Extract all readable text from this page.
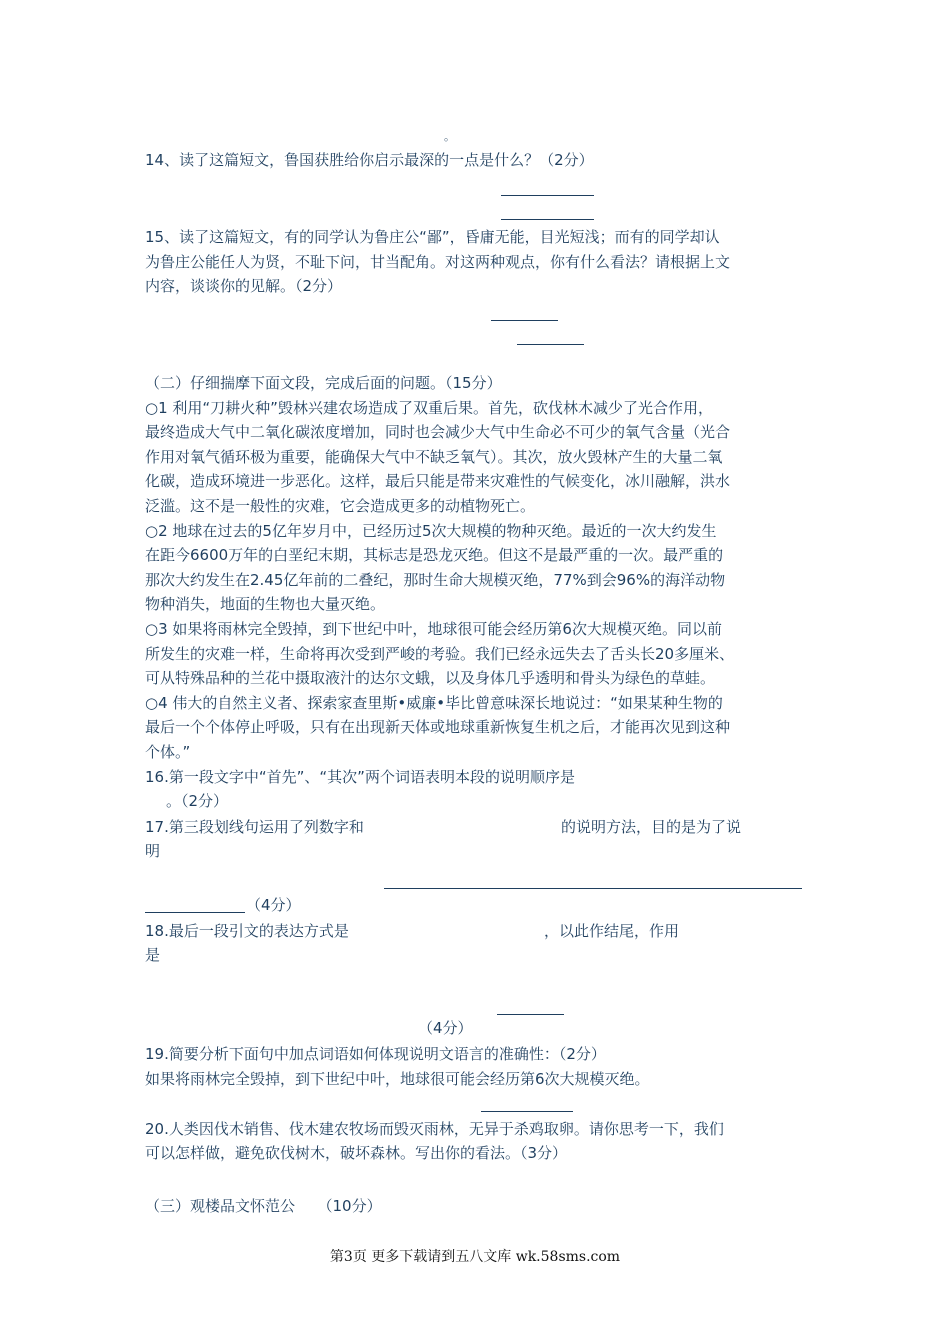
。
14、读了这篇短文，鲁国获胜给你启示最深的一点是什么？（2分）
15、读了这篇短文，有的同学认为鲁庄公“鄙”，昏庸无能，目光短浅；而有的同学却认
为鲁庄公能任人为贤，不耻下问，甘当配角。对这两种观点，你有什么看法？请根据上文
内容，谈谈你的见解。（2分）
（二）仔细揣摩下面文段，完成后面的问题。（15分）
○1 利用“刀耕火种”毁林兴建农场造成了双重后果。首先，砍伐林木减少了光合作用，
最终造成大气中二氧化碳浓度增加，同时也会减少大气中生命必不可少的氧气含量（光合
作用对氧气循环极为重要，能确保大气中不缺乏氧气）。其次，放火毁林产生的大量二氧
化碳，造成环境进一步恶化。这样，最后只能是带来灾难性的气候变化，冰川融解，洪水
泛滥。这不是一般性的灾难，它会造成更多的动植物死亡。
○2 地球在过去的5亿年岁月中，已经历过5次大规模的物种灭绝。最近的一次大约发生
在距今6600万年的白垩纪末期，其标志是恐龙灭绝。但这不是最严重的一次。最严重的
那次大约发生在2.45亿年前的二叠纪，那时生命大规模灭绝，77%到会96%的海洋动物
物种消失，地面的生物也大量灭绝。
○3 如果将雨林完全毁掉，到下世纪中叶，地球很可能会经历第6次大规模灭绝。同以前
所发生的灾难一样，生命将再次受到严峻的考验。我们已经永远失去了舌头长20多厘米、
可从特殊品种的兰花中摄取液汁的达尔文蛾，以及身体几乎透明和骨头为绿色的草蛙。
○4 伟大的自然主义者、探索家查里斯•威廉•毕比曾意味深长地说过：“如果某种生物的
最后一个个体停止呼吸，只有在出现新天体或地球重新恢复生机之后，才能再次见到这种
个体。”
16.第一段文字中“首先”、“其次”两个词语表明本段的说明顺序是
。（2分）
17.第三段划线句运用了列数字和	的说明方法，目的是为了说
明
（4分）
18.最后一段引文的表达方式是	，以此作结尾，作用
是
（4分）
19.简要分析下面句中加点词语如何体现说明文语言的准确性：（2分）
如果将雨林完全毁掉，到下世纪中叶，地球很可能会经历第6次大规模灭绝。
20.人类因伐木销售、伐木建农牧场而毁灭雨林，无异于杀鸡取卵。请你思考一下，我们
可以怎样做，避免砍伐树木，破坏森林。写出你的看法。（3分）
（三）观楼品文怀范公　　（10分）
第3页 更多下载请到五八文库 wk.58sms.com
